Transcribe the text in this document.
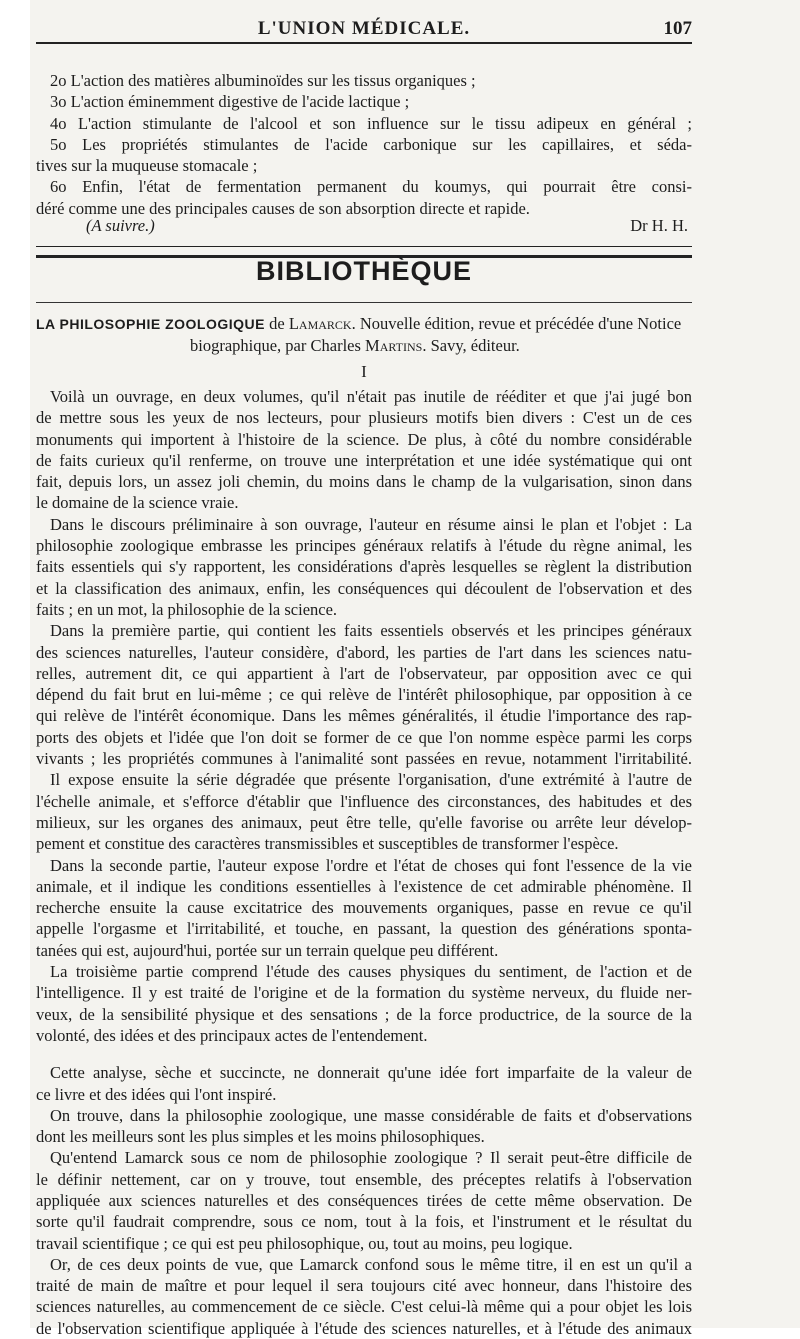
L'UNION MÉDICALE.	107
2o L'action des matières albuminoïdes sur les tissus organiques ;
3o L'action éminemment digestive de l'acide lactique ;
4o L'action stimulante de l'alcool et son influence sur le tissu adipeux en général ;
5o Les propriétés stimulantes de l'acide carbonique sur les capillaires, et séda-
tives sur la muqueuse stomacale ;
6o Enfin, l'état de fermentation permanent du koumys, qui pourrait être consi-
déré comme une des principales causes de son absorption directe et rapide.
(A suivre.)	Dr H. H.
BIBLIOTHÈQUE
LA PHILOSOPHIE ZOOLOGIQUE de Lamarck. Nouvelle édition, revue et précédée d'une Notice
biographique, par Charles Martins. Savy, éditeur.
I
Voilà un ouvrage, en deux volumes, qu'il n'était pas inutile de rééditer et que j'ai jugé bon
de mettre sous les yeux de nos lecteurs, pour plusieurs motifs bien divers : C'est un de ces
monuments qui importent à l'histoire de la science. De plus, à côté du nombre considérable
de faits curieux qu'il renferme, on trouve une interprétation et une idée systématique qui ont
fait, depuis lors, un assez joli chemin, du moins dans le champ de la vulgarisation, sinon dans
le domaine de la science vraie.
Dans le discours préliminaire à son ouvrage, l'auteur en résume ainsi le plan et l'objet : La
philosophie zoologique embrasse les principes généraux relatifs à l'étude du règne animal, les
faits essentiels qui s'y rapportent, les considérations d'après lesquelles se règlent la distribution
et la classification des animaux, enfin, les conséquences qui découlent de l'observation et des
faits ; en un mot, la philosophie de la science.
Dans la première partie, qui contient les faits essentiels observés et les principes généraux
des sciences naturelles, l'auteur considère, d'abord, les parties de l'art dans les sciences natu-
relles, autrement dit, ce qui appartient à l'art de l'observateur, par opposition avec ce qui
dépend du fait brut en lui-même ; ce qui relève de l'intérêt philosophique, par opposition à ce
qui relève de l'intérêt économique. Dans les mêmes généralités, il étudie l'importance des rap-
ports des objets et l'idée que l'on doit se former de ce que l'on nomme espèce parmi les corps
vivants ; les propriétés communes à l'animalité sont passées en revue, notamment l'irritabilité.
Il expose ensuite la série dégradée que présente l'organisation, d'une extrémité à l'autre de
l'échelle animale, et s'efforce d'établir que l'influence des circonstances, des habitudes et des
milieux, sur les organes des animaux, peut être telle, qu'elle favorise ou arrête leur dévelop-
pement et constitue des caractères transmissibles et susceptibles de transformer l'espèce.
Dans la seconde partie, l'auteur expose l'ordre et l'état de choses qui font l'essence de la vie
animale, et il indique les conditions essentielles à l'existence de cet admirable phénomène. Il
recherche ensuite la cause excitatrice des mouvements organiques, passe en revue ce qu'il
appelle l'orgasme et l'irritabilité, et touche, en passant, la question des générations sponta-
tanées qui est, aujourd'hui, portée sur un terrain quelque peu différent.
La troisième partie comprend l'étude des causes physiques du sentiment, de l'action et de
l'intelligence. Il y est traité de l'origine et de la formation du système nerveux, du fluide ner-
veux, de la sensibilité physique et des sensations ; de la force productrice, de la source de la
volonté, des idées et des principaux actes de l'entendement.
Cette analyse, sèche et succincte, ne donnerait qu'une idée fort imparfaite de la valeur de
ce livre et des idées qui l'ont inspiré.
On trouve, dans la philosophie zoologique, une masse considérable de faits et d'observations
dont les meilleurs sont les plus simples et les moins philosophiques.
Qu'entend Lamarck sous ce nom de philosophie zoologique ? Il serait peut-être difficile de
le définir nettement, car on y trouve, tout ensemble, des préceptes relatifs à l'observation
appliquée aux sciences naturelles et des conséquences tirées de cette même observation. De
sorte qu'il faudrait comprendre, sous ce nom, tout à la fois, et l'instrument et le résultat du
travail scientifique ; ce qui est peu philosophique, ou, tout au moins, peu logique.
Or, de ces deux points de vue, que Lamarck confond sous le même titre, il en est un qu'il a
traité de main de maître et pour lequel il sera toujours cité avec honneur, dans l'histoire des
sciences naturelles, au commencement de ce siècle. C'est celui-là même qui a pour objet les lois
de l'observation scientifique appliquée à l'étude des sciences naturelles, et à l'étude des animaux
